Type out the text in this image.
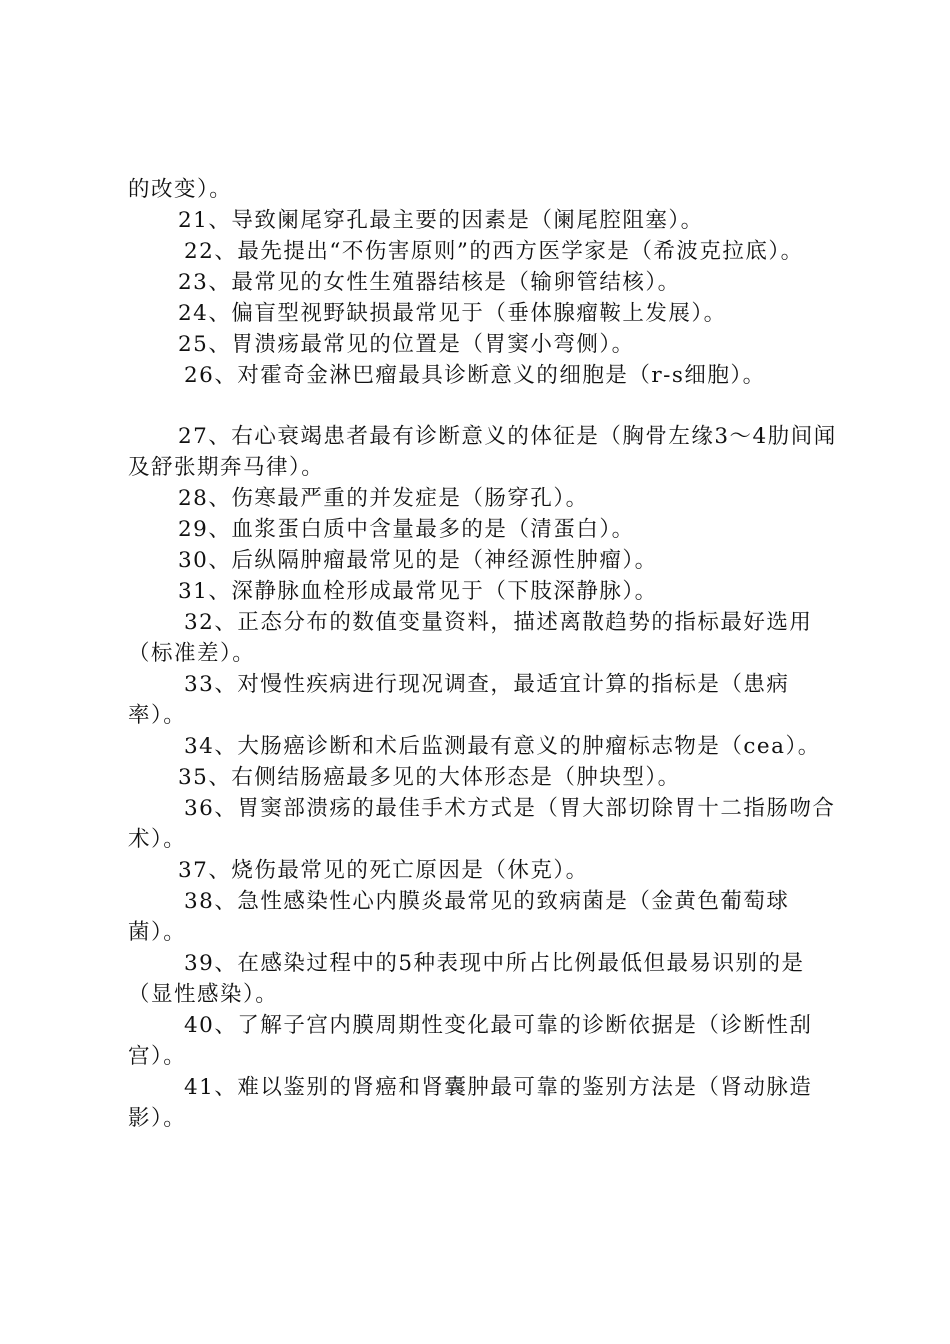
的改变）。

21、导致阑尾穿孔最主要的因素是（阑尾腔阻塞）。

22、最先提出“不伤害原则”的西方医学家是（希波克拉底）。

23、最常见的女性生殖器结核是（输卵管结核）。

24、偏盲型视野缺损最常见于（垂体腺瘤鞍上发展）。

25、胃溃疡最常见的位置是（胃窦小弯侧）。

26、对霍奇金淋巴瘤最具诊断意义的细胞是（r-s细胞）。

27、右心衰竭患者最有诊断意义的体征是（胸骨左缘3～4肋间闻及舒张期奔马律）。

28、伤寒最严重的并发症是（肠穿孔）。

29、血浆蛋白质中含量最多的是（清蛋白）。

30、后纵隔肿瘤最常见的是（神经源性肿瘤）。

31、深静脉血栓形成最常见于（下肢深静脉）。

32、正态分布的数值变量资料，描述离散趋势的指标最好选用（标准差）。

33、对慢性疾病进行现况调查，最适宜计算的指标是（患病率）。

34、大肠癌诊断和术后监测最有意义的肿瘤标志物是（cea）。

35、右侧结肠癌最多见的大体形态是（肿块型）。

36、胃窦部溃疡的最佳手术方式是（胃大部切除胃十二指肠吻合术）。

37、烧伤最常见的死亡原因是（休克）。

38、急性感染性心内膜炎最常见的致病菌是（金黄色葡萄球菌）。

39、在感染过程中的5种表现中所占比例最低但最易识别的是（显性感染）。

40、了解子宫内膜周期性变化最可靠的诊断依据是（诊断性刮宫）。

41、难以鉴别的肾癌和肾囊肿最可靠的鉴别方法是（肾动脉造影）。
